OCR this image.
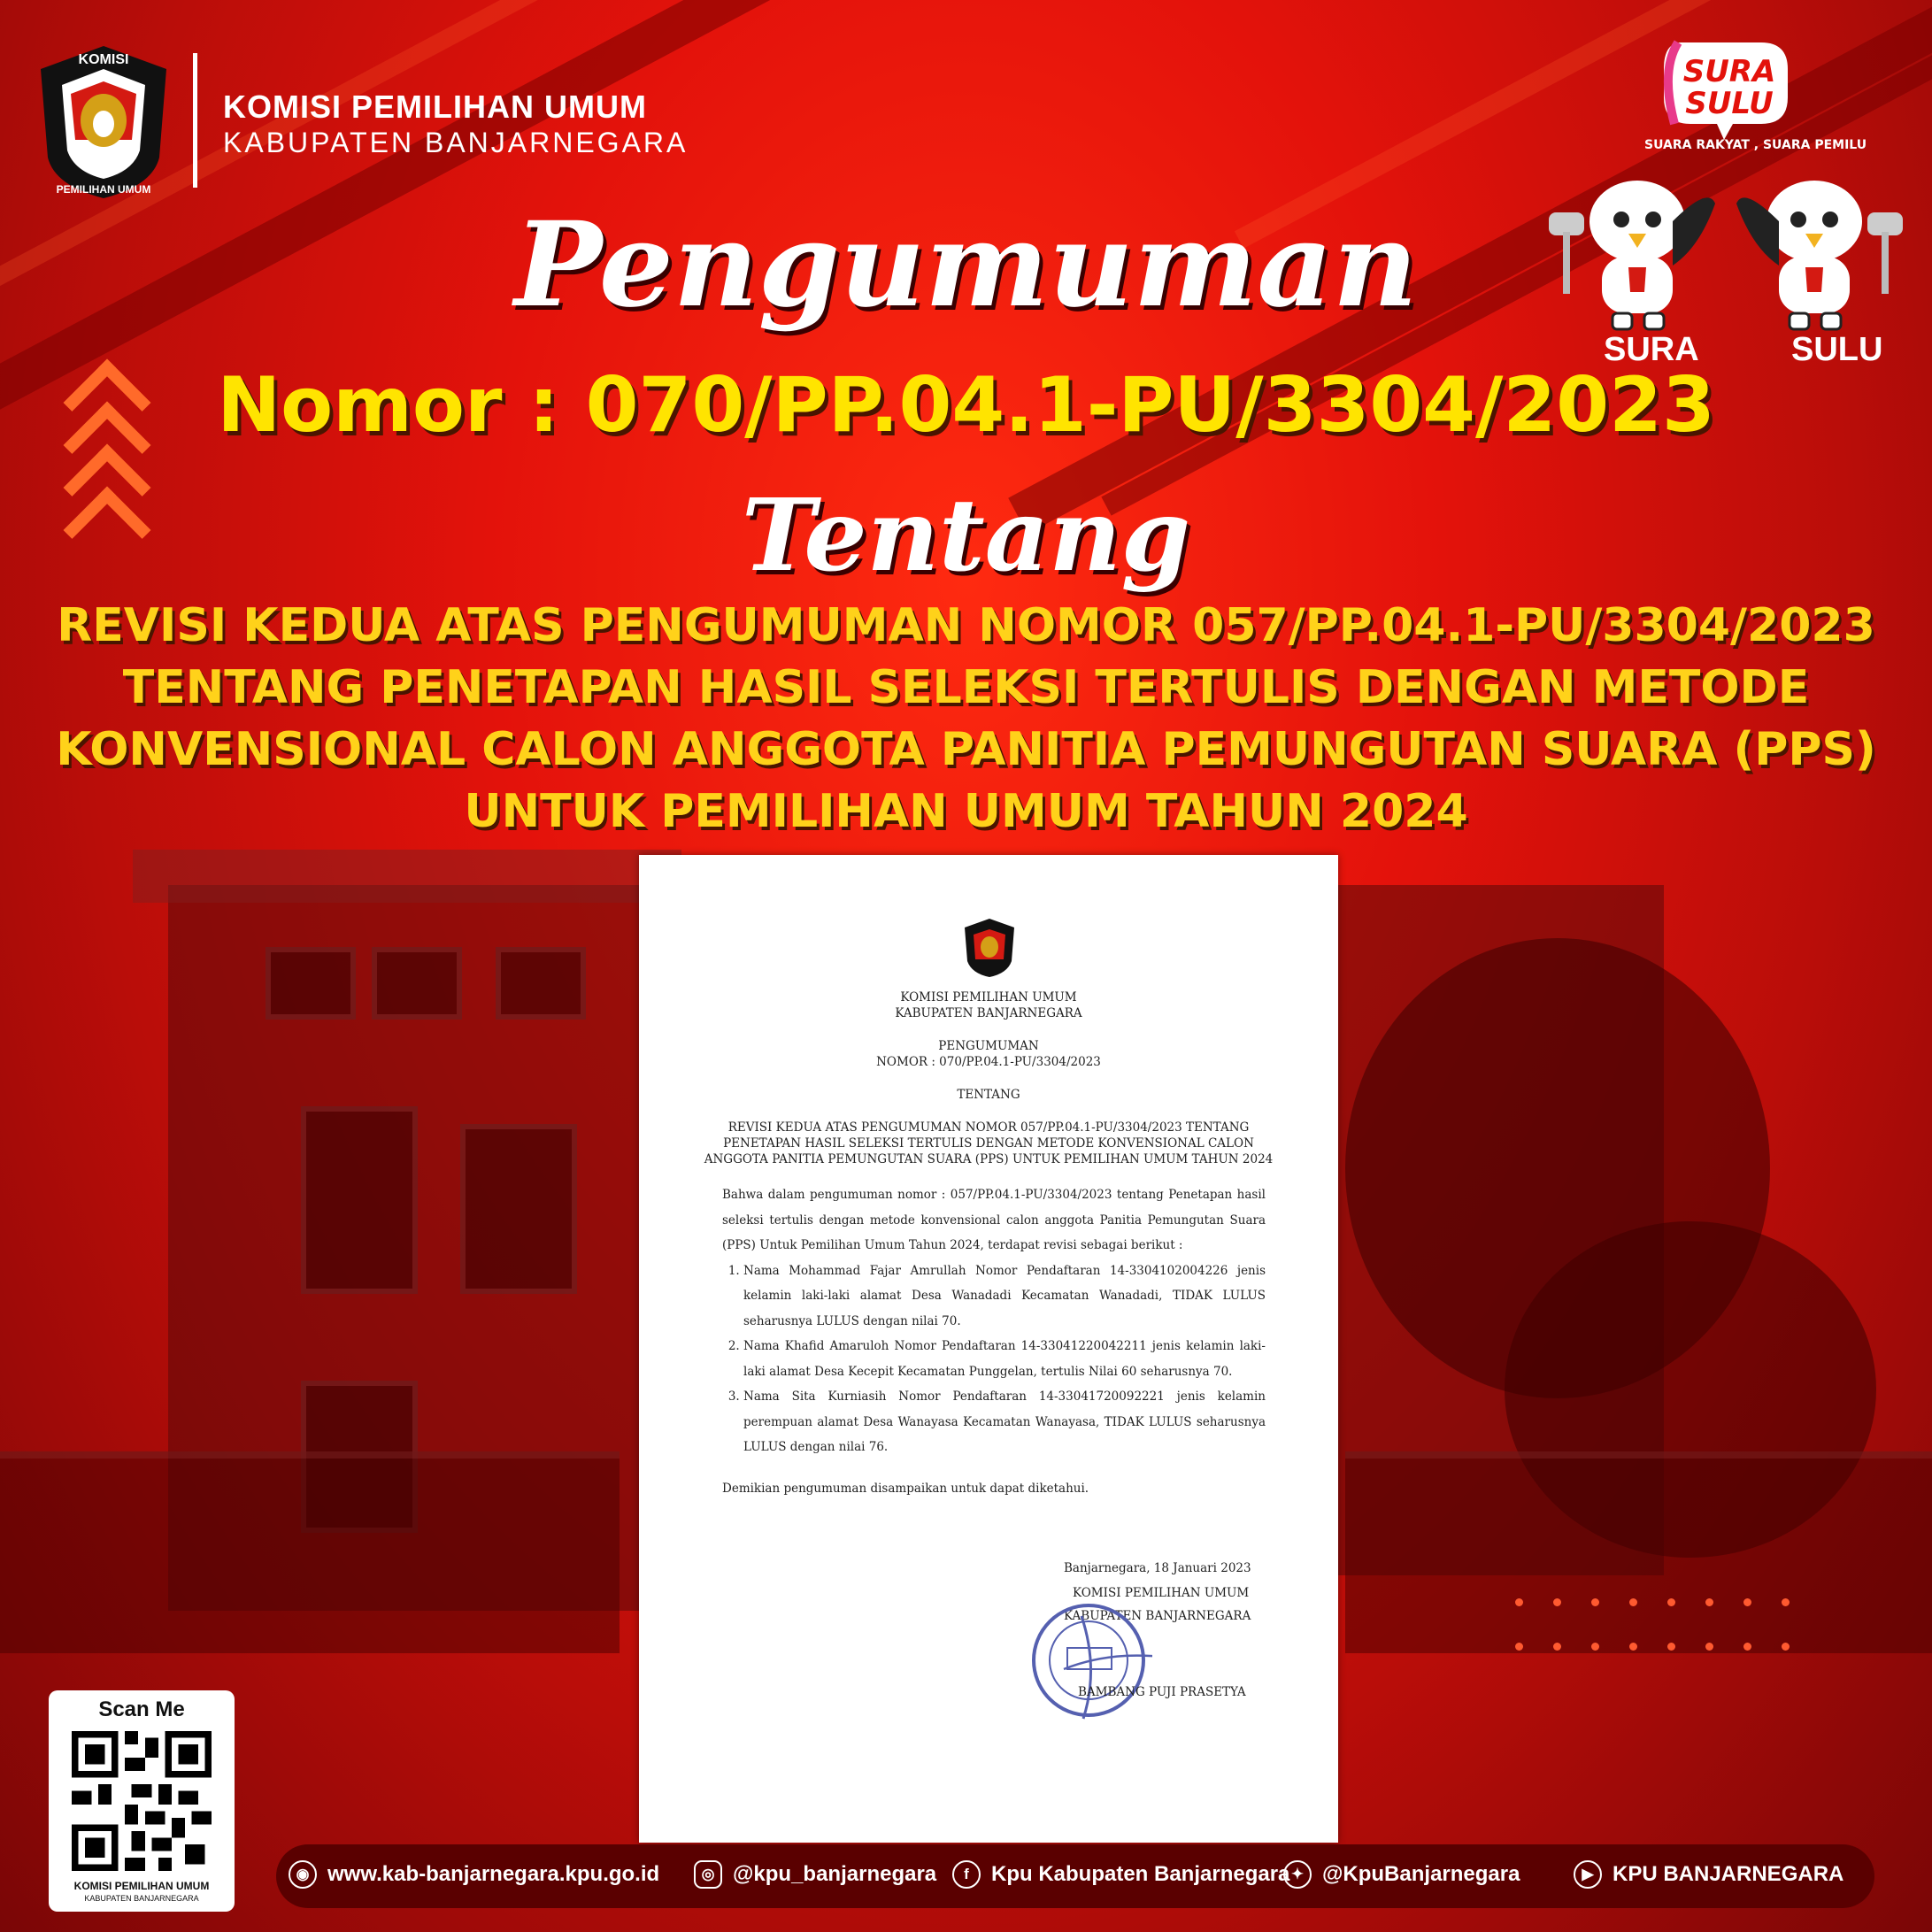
KOMISI
PEMILIHAN UMUM
KOMISI PEMILIHAN UMUM
KABUPATEN BANJARNEGARA
SURA
SULU
SUARA RAKYAT , SUARA PEMILU
SURA	SULU
Pengumuman
Nomor : 070/PP.04.1-PU/3304/2023
Tentang
REVISI KEDUA ATAS PENGUMUMAN NOMOR 057/PP.04.1-PU/3304/2023
TENTANG PENETAPAN HASIL SELEKSI TERTULIS DENGAN METODE
KONVENSIONAL CALON ANGGOTA PANITIA PEMUNGUTAN SUARA (PPS)
UNTUK PEMILIHAN UMUM TAHUN 2024
KOMISI PEMILIHAN UMUM
KABUPATEN BANJARNEGARA
PENGUMUMAN
NOMOR : 070/PP.04.1-PU/3304/2023
TENTANG
REVISI KEDUA ATAS PENGUMUMAN NOMOR 057/PP.04.1-PU/3304/2023 TENTANG
PENETAPAN HASIL SELEKSI TERTULIS DENGAN METODE KONVENSIONAL CALON
ANGGOTA PANITIA PEMUNGUTAN SUARA (PPS) UNTUK PEMILIHAN UMUM TAHUN 2024
Bahwa dalam pengumuman nomor : 057/PP.04.1-PU/3304/2023 tentang Penetapan hasil seleksi tertulis dengan metode konvensional calon anggota Panitia Pemungutan Suara (PPS) Untuk Pemilihan Umum Tahun 2024, terdapat revisi sebagai berikut :
1. Nama Mohammad Fajar Amrullah Nomor Pendaftaran 14-3304102004226 jenis kelamin laki-laki alamat Desa Wanadadi Kecamatan Wanadadi, TIDAK LULUS seharusnya LULUS dengan nilai 70.
2. Nama Khafid Amaruloh Nomor Pendaftaran 14-33041220042211 jenis kelamin laki-laki alamat Desa Kecepit Kecamatan Punggelan, tertulis Nilai 60 seharusnya 70.
3. Nama Sita Kurniasih Nomor Pendaftaran 14-33041720092221 jenis kelamin perempuan alamat Desa Wanayasa Kecamatan Wanayasa, TIDAK LULUS seharusnya LULUS dengan nilai 76.
Demikian pengumuman disampaikan untuk dapat diketahui.
Banjarnegara, 18 Januari 2023
KOMISI PEMILIHAN UMUM
KABUPATEN BANJARNEGARA
BAMBANG PUJI PRASETYA
Scan Me
KOMISI PEMILIHAN UMUM
KABUPATEN BANJARNEGARA
◉ www.kab-banjarnegara.kpu.go.id	◎ @kpu_banjarnegara	f	Kpu Kabupaten Banjarnegara ✦ @KpuBanjarnegara	▶ KPU BANJARNEGARA
